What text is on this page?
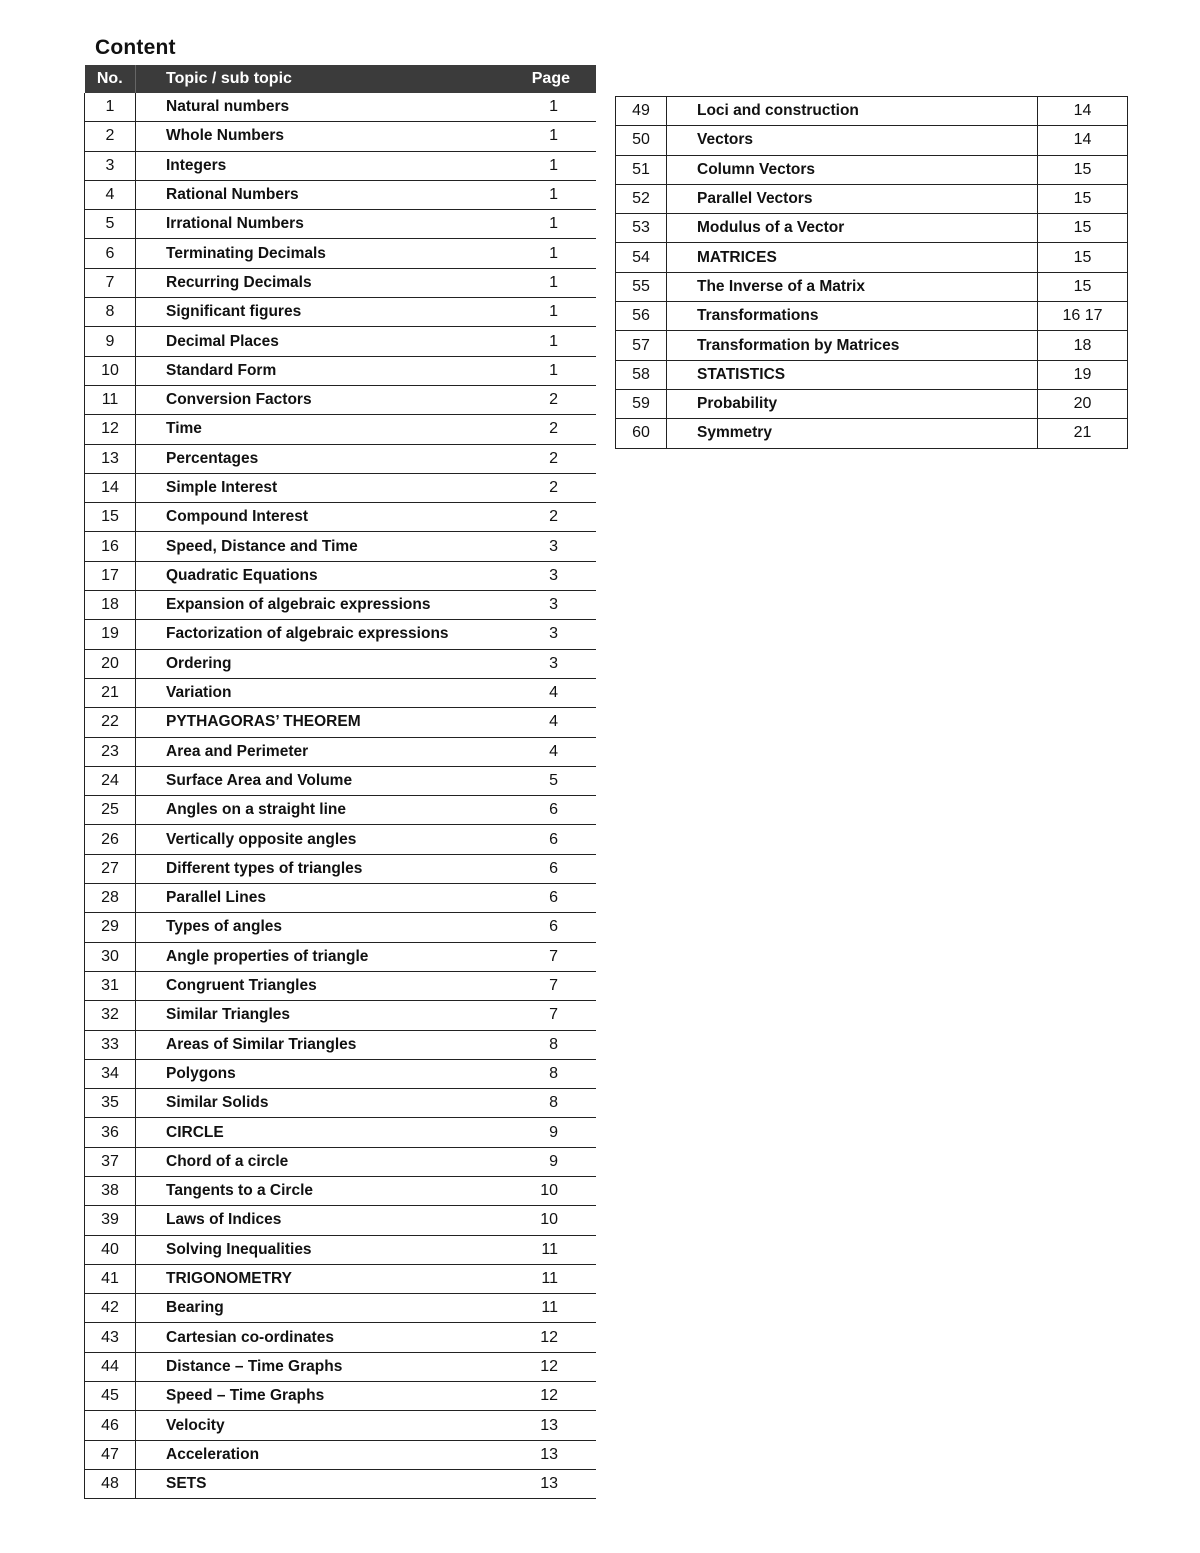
Content
No.	Topic / sub topic	Page
1	Natural numbers	1
2	Whole Numbers	1
3	Integers	1
4	Rational Numbers	1
5	Irrational Numbers	1
6	Terminating Decimals	1
7	Recurring Decimals	1
8	Significant figures	1
9	Decimal Places	1
10	Standard Form	1
11	Conversion Factors	2
12	Time	2
13	Percentages	2
14	Simple Interest	2
15	Compound Interest	2
16	Speed, Distance and Time	3
17	Quadratic Equations	3
18	Expansion of algebraic expressions	3
19	Factorization of algebraic expressions	3
20	Ordering	3
21	Variation	4
22	PYTHAGORAS’ THEOREM	4
23	Area and Perimeter	4
24	Surface Area and Volume	5
25	Angles on a straight line	6
26	Vertically opposite angles	6
27	Different types of triangles	6
28	Parallel Lines	6
29	Types of angles	6
30	Angle properties of triangle	7
31	Congruent Triangles	7
32	Similar Triangles	7
33	Areas of Similar Triangles	8
34	Polygons	8
35	Similar Solids	8
36	CIRCLE	9
37	Chord of a circle	9
38	Tangents to a Circle	10
39	Laws of Indices	10
40	Solving Inequalities	11
41	TRIGONOMETRY	11
42	Bearing	11
43	Cartesian co-ordinates	12
44	Distance – Time Graphs	12
45	Speed – Time Graphs	12
46	Velocity	13
47	Acceleration	13
48	SETS	13
49	Loci and construction	14
50	Vectors	14
51	Column Vectors	15
52	Parallel Vectors	15
53	Modulus of a Vector	15
54	MATRICES	15
55	The Inverse of a Matrix	15
56	Transformations	16 17
57	Transformation by Matrices	18
58	STATISTICS	19
59	Probability	20
60	Symmetry	21
